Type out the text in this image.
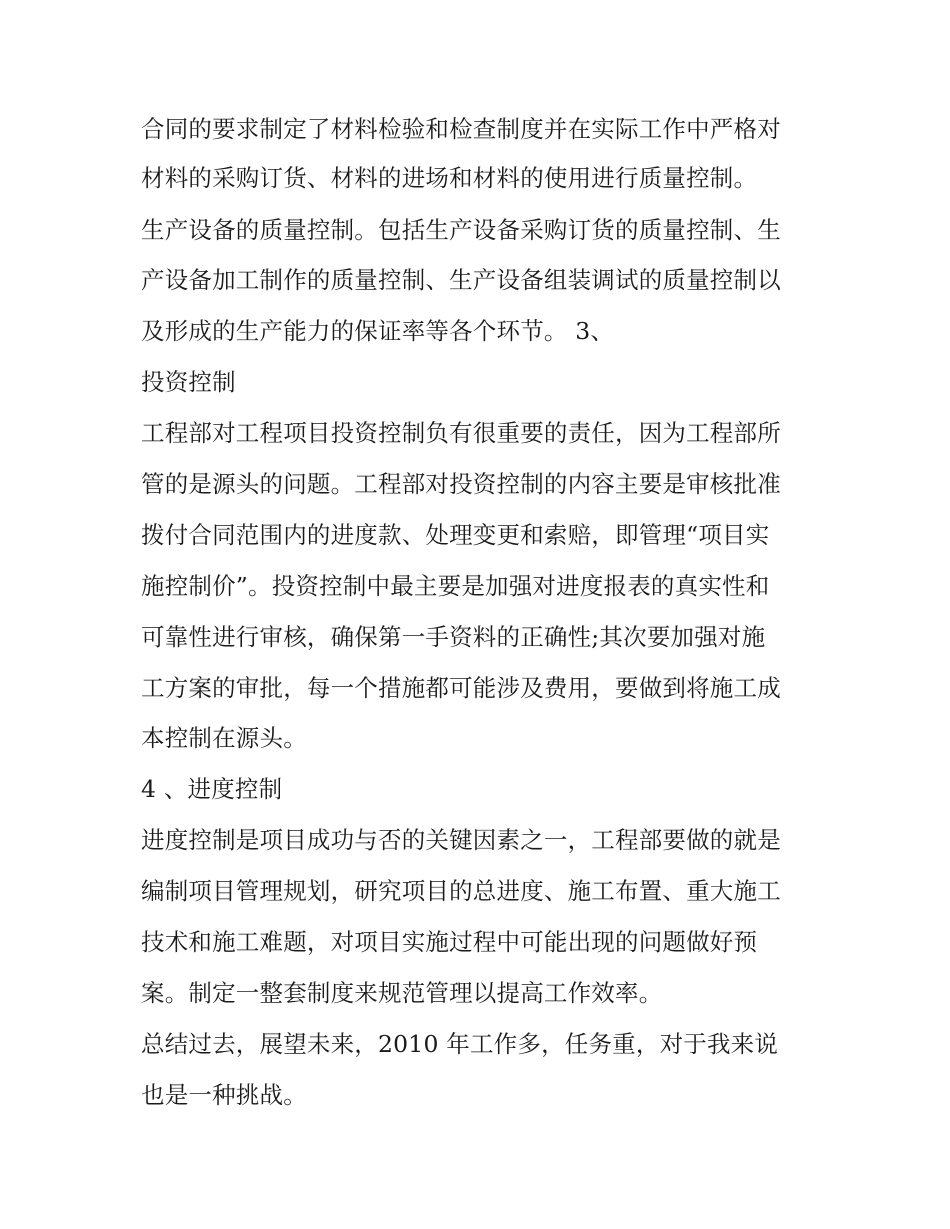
合同的要求制定了材料检验和检查制度并在实际工作中严格对
材料的采购订货、材料的进场和材料的使用进行质量控制。
生产设备的质量控制。包括生产设备采购订货的质量控制、生
产设备加工制作的质量控制、生产设备组装调试的质量控制以
及形成的生产能力的保证率等各个环节。 3、
投资控制
工程部对工程项目投资控制负有很重要的责任，因为工程部所
管的是源头的问题。工程部对投资控制的内容主要是审核批准
拨付合同范围内的进度款、处理变更和索赔，即管理“项目实
施控制价”。投资控制中最主要是加强对进度报表的真实性和
可靠性进行审核，确保第一手资料的正确性;其次要加强对施
工方案的审批，每一个措施都可能涉及费用，要做到将施工成
本控制在源头。
4 、进度控制
进度控制是项目成功与否的关键因素之一，工程部要做的就是
编制项目管理规划，研究项目的总进度、施工布置、重大施工
技术和施工难题，对项目实施过程中可能出现的问题做好预
案。制定一整套制度来规范管理以提高工作效率。
总结过去，展望未来，2010 年工作多，任务重，对于我来说
也是一种挑战。
